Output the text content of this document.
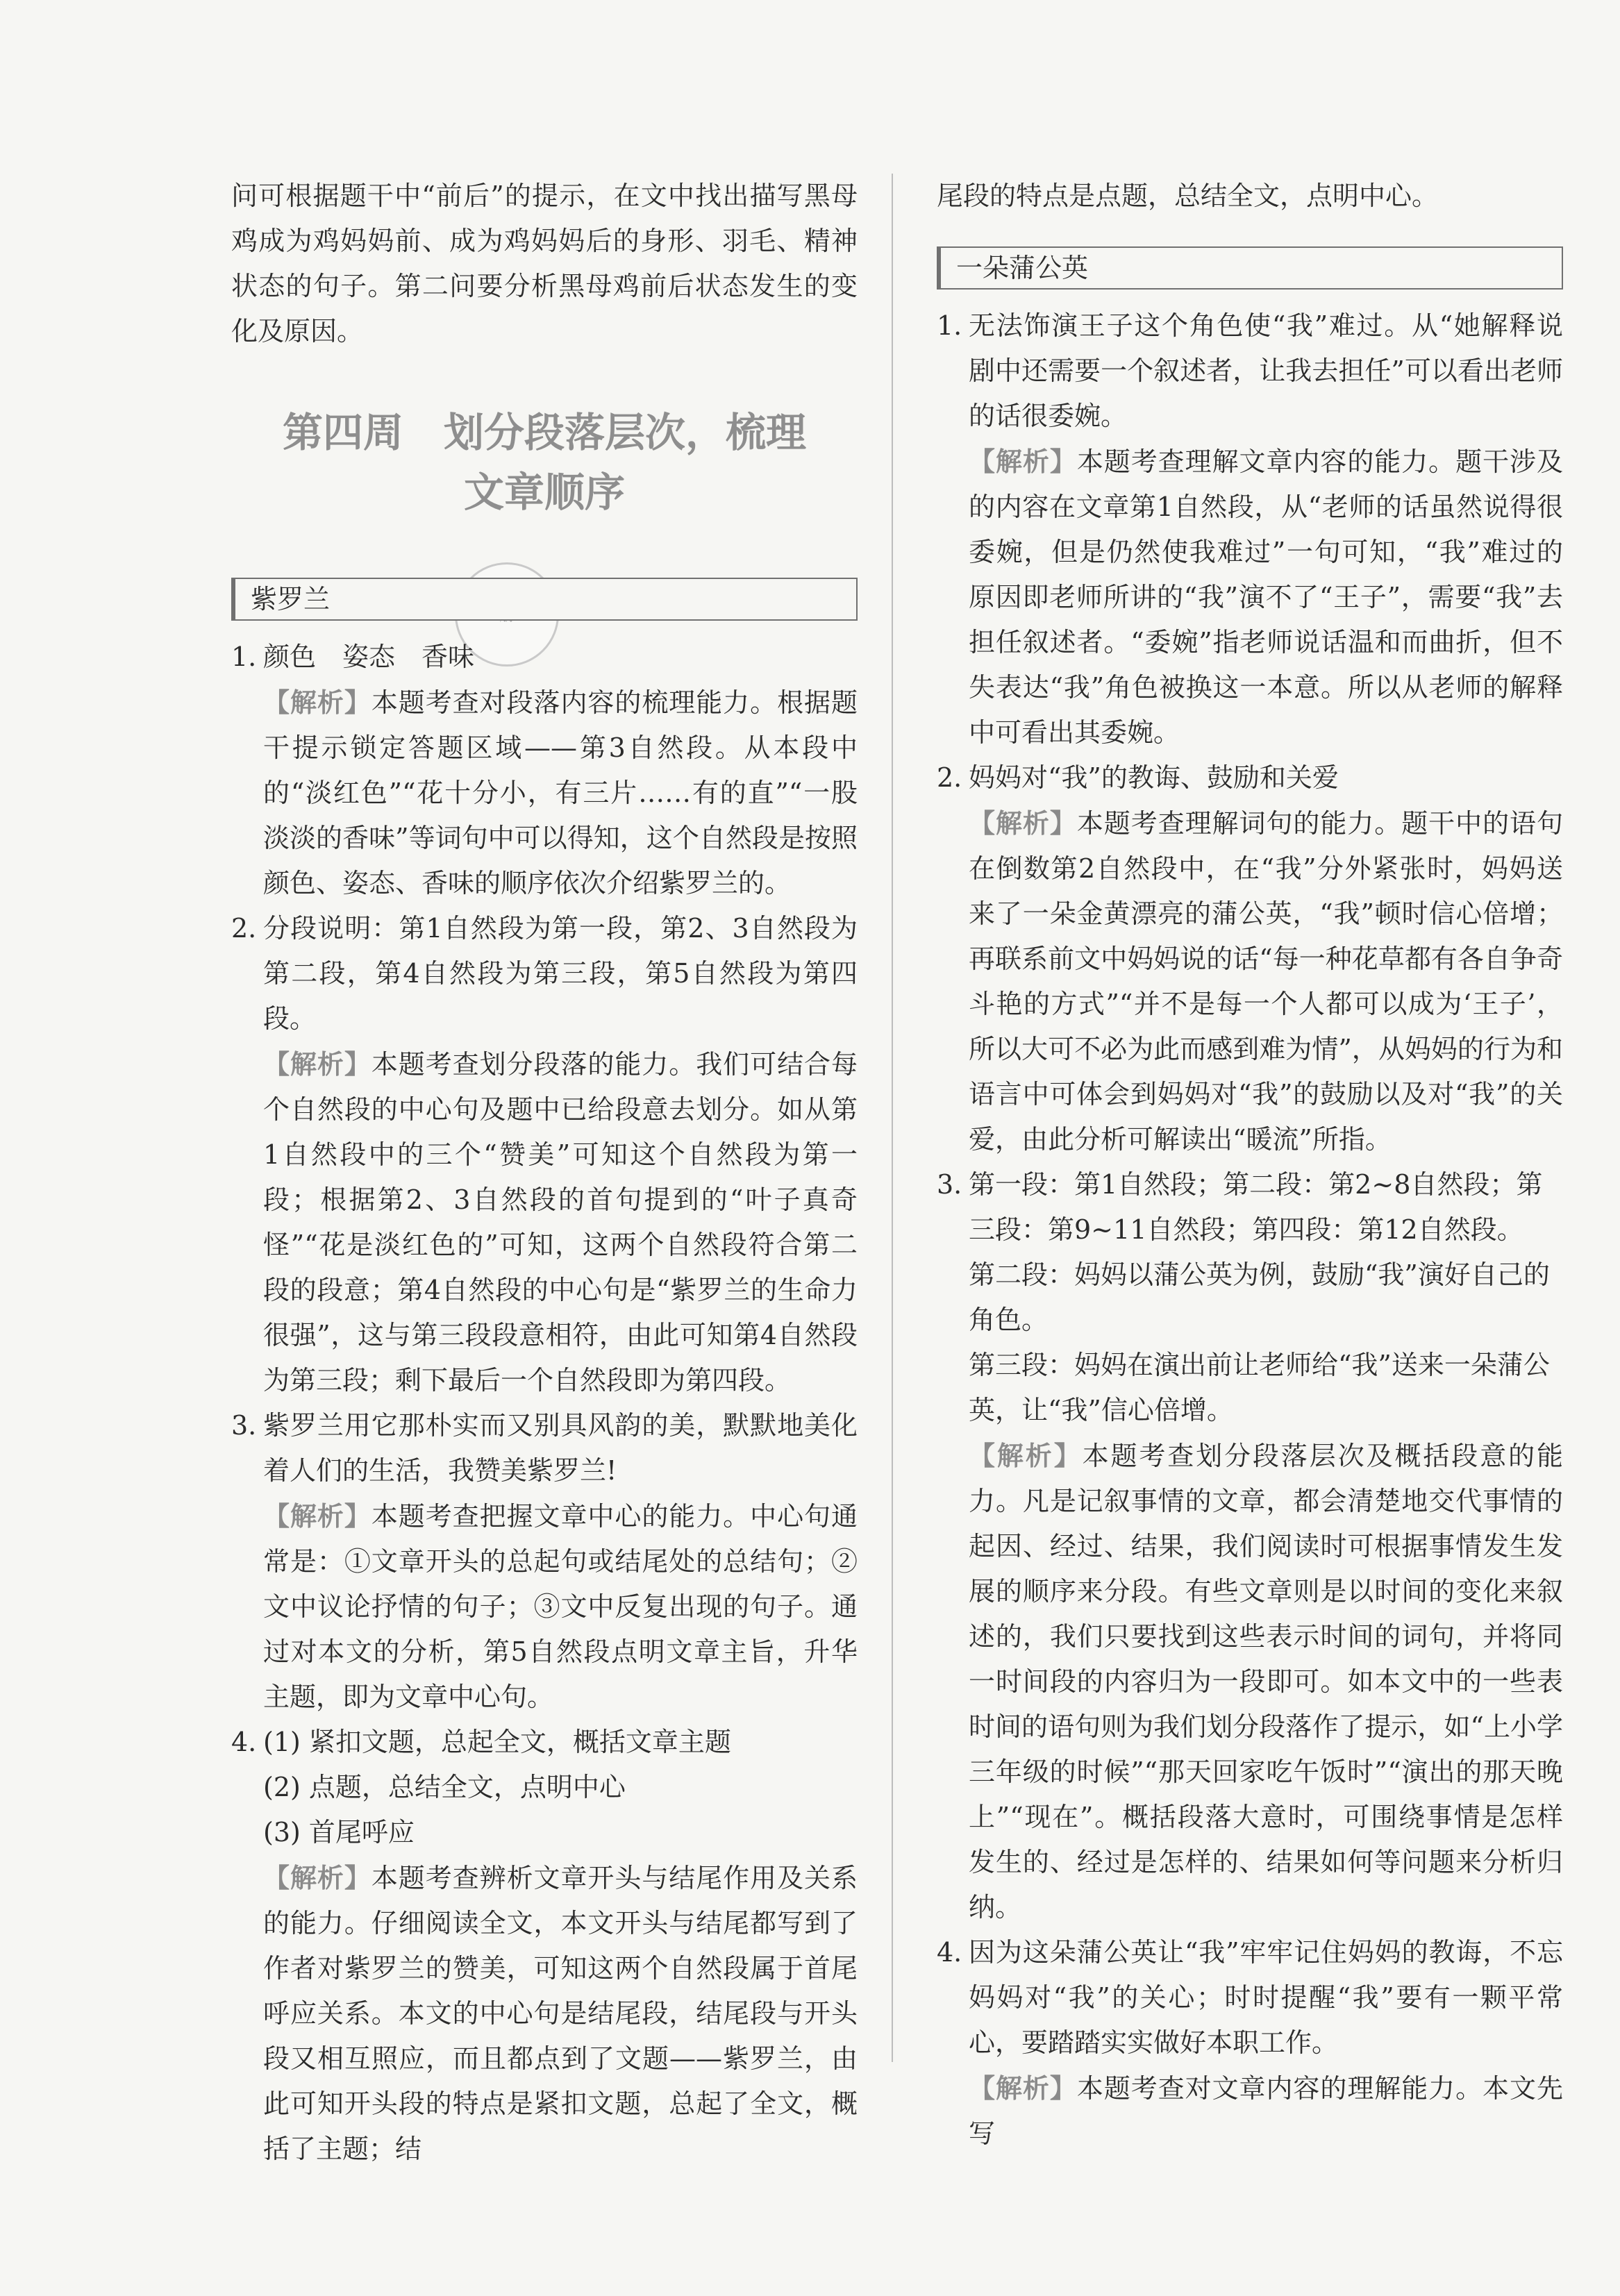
问可根据题干中“前后”的提示，在文中找出描写黑母鸡成为鸡妈妈前、成为鸡妈妈后的身形、羽毛、精神状态的句子。第二问要分析黑母鸡前后状态发生的变化及原因。

第四周　划分段落层次，梳理
文章顺序
紫罗兰
1. 颜色　姿态　香味

【解析】本题考查对段落内容的梳理能力。根据题干提示锁定答题区域——第3自然段。从本段中的“淡红色”“花十分小，有三片……有的直”“一股淡淡的香味”等词句中可以得知，这个自然段是按照颜色、姿态、香味的顺序依次介绍紫罗兰的。

2. 分段说明：第1自然段为第一段，第2、3自然段为第二段，第4自然段为第三段，第5自然段为第四段。

【解析】本题考查划分段落的能力。我们可结合每个自然段的中心句及题中已给段意去划分。如从第1自然段中的三个“赞美”可知这个自然段为第一段；根据第2、3自然段的首句提到的“叶子真奇怪”“花是淡红色的”可知，这两个自然段符合第二段的段意；第4自然段的中心句是“紫罗兰的生命力很强”，这与第三段段意相符，由此可知第4自然段为第三段；剩下最后一个自然段即为第四段。

3. 紫罗兰用它那朴实而又别具风韵的美，默默地美化着人们的生活，我赞美紫罗兰!

【解析】本题考查把握文章中心的能力。中心句通常是：①文章开头的总起句或结尾处的总结句；②文中议论抒情的句子；③文中反复出现的句子。通过对本文的分析，第5自然段点明文章主旨，升华主题，即为文章中心句。

4. (1) 紧扣文题，总起全文，概括文章主题

(2) 点题，总结全文，点明中心

(3) 首尾呼应

【解析】本题考查辨析文章开头与结尾作用及关系的能力。仔细阅读全文，本文开头与结尾都写到了作者对紫罗兰的赞美，可知这两个自然段属于首尾呼应关系。本文的中心句是结尾段，结尾段与开头段又相互照应，而且都点到了文题——紫罗兰，由此可知开头段的特点是紧扣文题，总起了全文，概括了主题；结

尾段的特点是点题，总结全文，点明中心。

一朵蒲公英
1. 无法饰演王子这个角色使“我”难过。从“她解释说剧中还需要一个叙述者，让我去担任”可以看出老师的话很委婉。

【解析】本题考查理解文章内容的能力。题干涉及的内容在文章第1自然段，从“老师的话虽然说得很委婉，但是仍然使我难过”一句可知，“我”难过的原因即老师所讲的“我”演不了“王子”，需要“我”去担任叙述者。“委婉”指老师说话温和而曲折，但不失表达“我”角色被换这一本意。所以从老师的解释中可看出其委婉。

2. 妈妈对“我”的教诲、鼓励和关爱

【解析】本题考查理解词句的能力。题干中的语句在倒数第2自然段中，在“我”分外紧张时，妈妈送来了一朵金黄漂亮的蒲公英，“我”顿时信心倍增；再联系前文中妈妈说的话“每一种花草都有各自争奇斗艳的方式”“并不是每一个人都可以成为‘王子’，所以大可不必为此而感到难为情”，从妈妈的行为和语言中可体会到妈妈对“我”的鼓励以及对“我”的关爱，由此分析可解读出“暖流”所指。

3. 第一段：第1自然段；第二段：第2~8自然段；第三段：第9~11自然段；第四段：第12自然段。

第二段：妈妈以蒲公英为例，鼓励“我”演好自己的角色。

第三段：妈妈在演出前让老师给“我”送来一朵蒲公英，让“我”信心倍增。

【解析】本题考查划分段落层次及概括段意的能力。凡是记叙事情的文章，都会清楚地交代事情的起因、经过、结果，我们阅读时可根据事情发生发展的顺序来分段。有些文章则是以时间的变化来叙述的，我们只要找到这些表示时间的词句，并将同一时间段的内容归为一段即可。如本文中的一些表时间的语句则为我们划分段落作了提示，如“上小学三年级的时候”“那天回家吃午饭时”“演出的那天晚上”“现在”。概括段落大意时，可围绕事情是怎样发生的、经过是怎样的、结果如何等问题来分析归纳。

4. 因为这朵蒲公英让“我”牢牢记住妈妈的教诲，不忘妈妈对“我”的关心；时时提醒“我”要有一颗平常心，要踏踏实实做好本职工作。

【解析】本题考查对文章内容的理解能力。本文先写
